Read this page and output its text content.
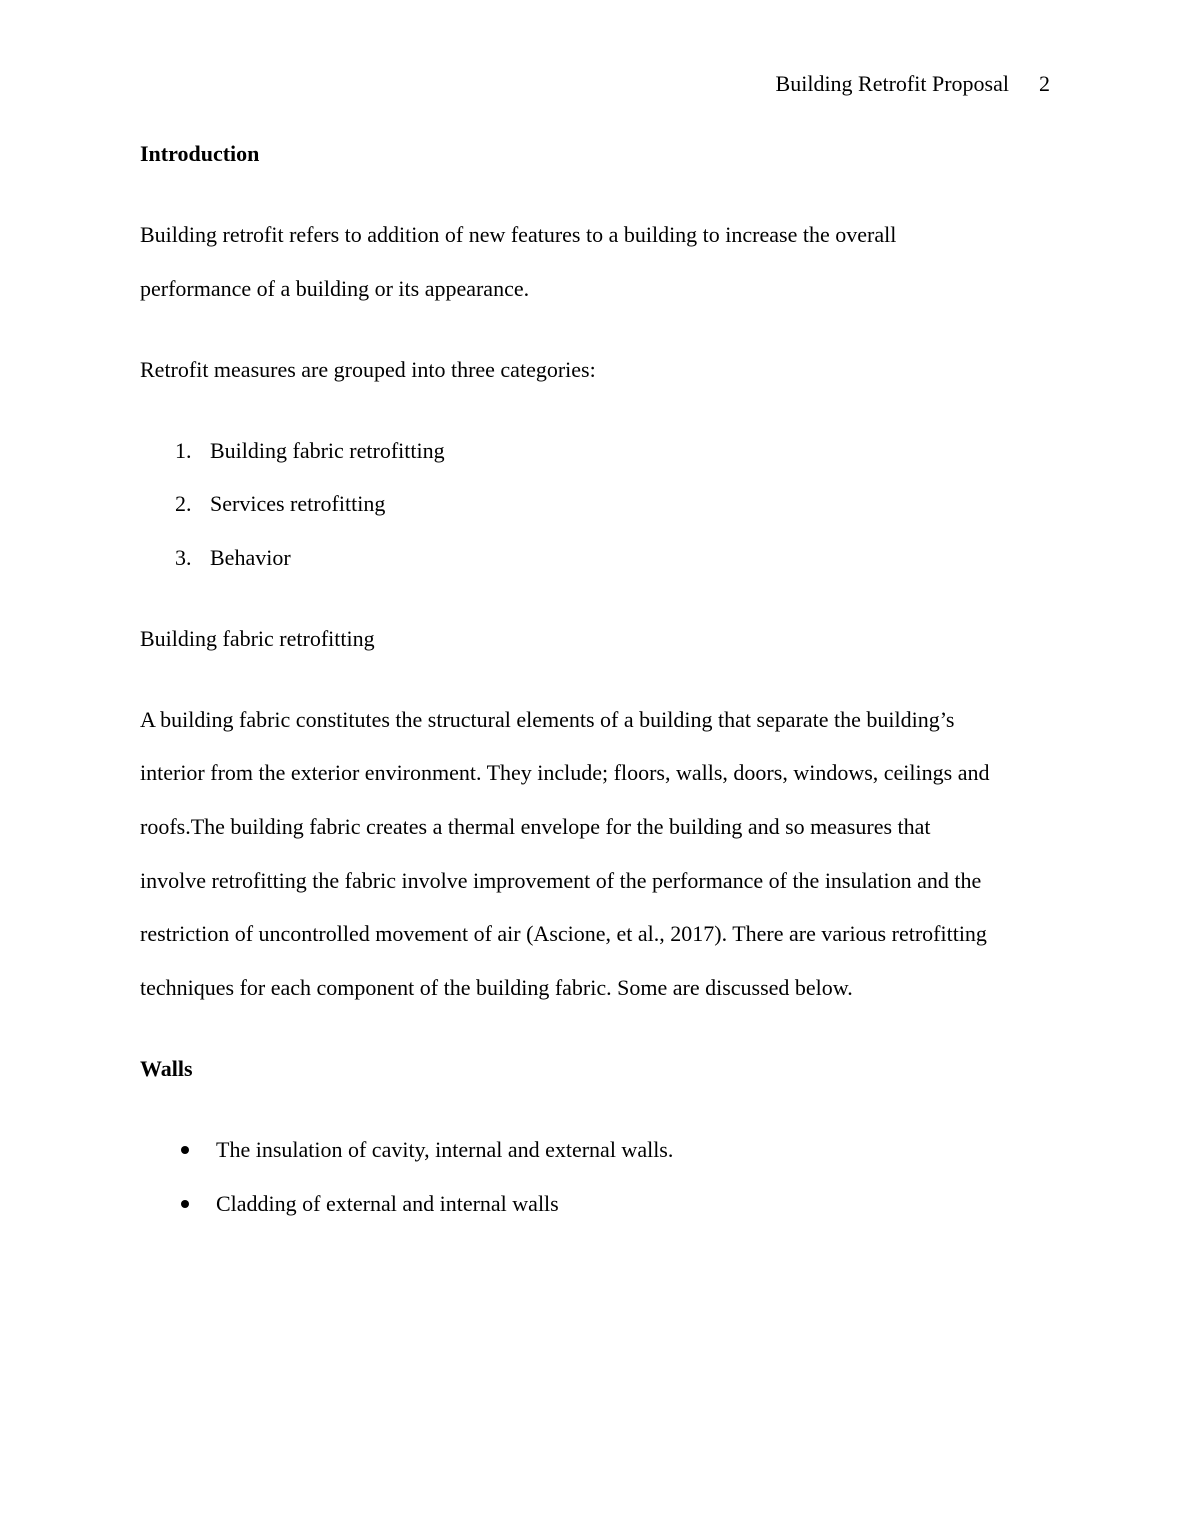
Building Retrofit Proposal 2
Introduction
Building retrofit refers to addition of new features to a building to increase the overall
performance of a building or its appearance.
Retrofit measures are grouped into three categories:
1. Building fabric retrofitting
2. Services retrofitting
3. Behavior
Building fabric retrofitting
A building fabric constitutes the structural elements of a building that separate the building’s
interior from the exterior environment. They include; floors, walls, doors, windows, ceilings and
roofs.The building fabric creates a thermal envelope for the building and so measures that
involve retrofitting the fabric involve improvement of the performance of the insulation and the
restriction of uncontrolled movement of air (Ascione, et al., 2017). There are various retrofitting
techniques for each component of the building fabric. Some are discussed below.
Walls
The insulation of cavity, internal and external walls.
Cladding of external and internal walls
